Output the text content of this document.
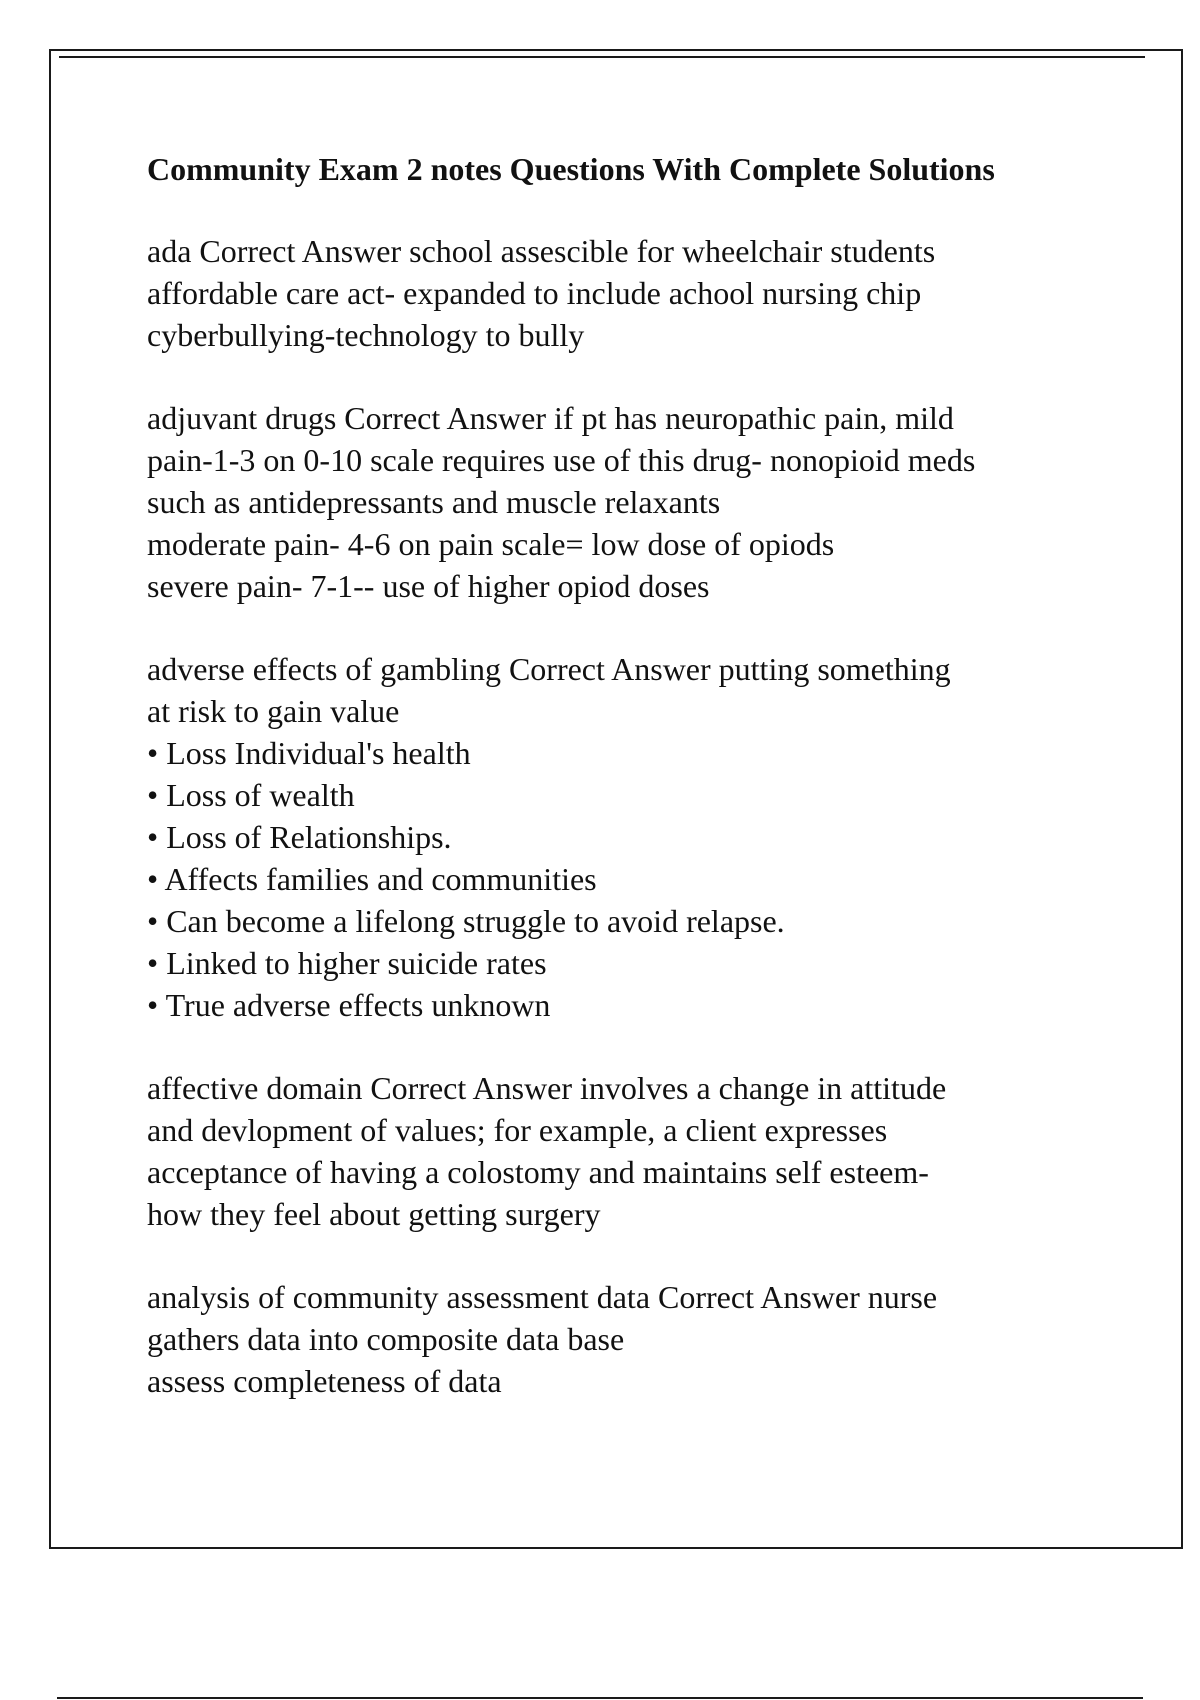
Community Exam 2 notes Questions With Complete Solutions

ada Correct Answer school assescible for wheelchair students

affordable care act- expanded to include achool nursing chip

cyberbullying-technology to bully

adjuvant drugs Correct Answer if pt has neuropathic pain, mild

pain-1-3 on 0-10 scale requires use of this drug- nonopioid meds

such as antidepressants and muscle relaxants

moderate pain- 4-6 on pain scale= low dose of opiods

severe pain- 7-1-- use of higher opiod doses

adverse effects of gambling Correct Answer putting something

at risk to gain value

• Loss Individual's health

• Loss of wealth

• Loss of Relationships.

• Affects families and communities

• Can become a lifelong struggle to avoid relapse.

• Linked to higher suicide rates

• True adverse effects unknown

affective domain Correct Answer involves a change in attitude

and devlopment of values; for example, a client expresses

acceptance of having a colostomy and maintains self esteem-

how they feel about getting surgery

analysis of community assessment data Correct Answer nurse

gathers data into composite data base

assess completeness of data
